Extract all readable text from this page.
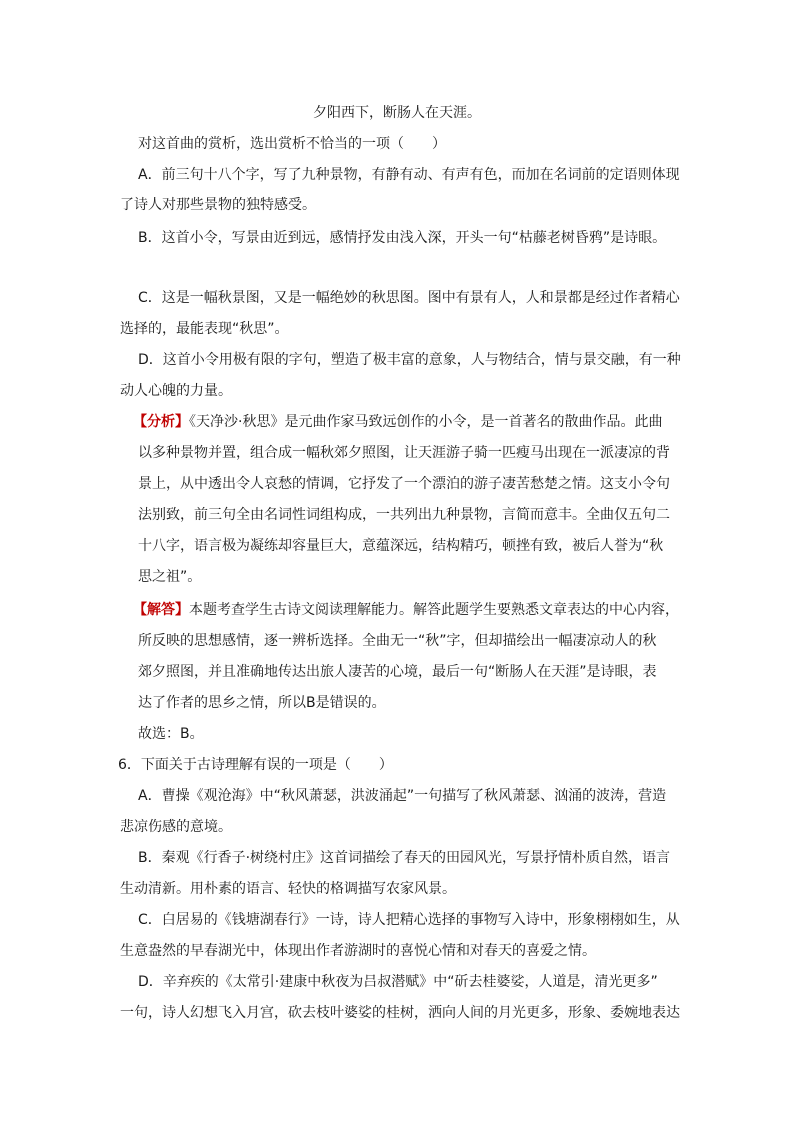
夕阳西下，断肠人在天涯。
对这首曲的赏析，选出赏析不恰当的一项（　　）
A．前三句十八个字，写了九种景物，有静有动、有声有色，而加在名词前的定语则体现
了诗人对那些景物的独特感受。
B．这首小令，写景由近到远，感情抒发由浅入深，开头一句“枯藤老树昏鸦”是诗眼。
C．这是一幅秋景图，又是一幅绝妙的秋思图。图中有景有人，人和景都是经过作者精心
选择的，最能表现“秋思”。
D．这首小令用极有限的字句，塑造了极丰富的意象，人与物结合，情与景交融，有一种
动人心魄的力量。
【分析】《天净沙·秋思》是元曲作家马致远创作的小令，是一首著名的散曲作品。此曲
以多种景物并置，组合成一幅秋郊夕照图，让天涯游子骑一匹瘦马出现在一派凄凉的背
景上，从中透出令人哀愁的情调，它抒发了一个漂泊的游子凄苦愁楚之情。这支小令句
法别致，前三句全由名词性词组构成，一共列出九种景物，言简而意丰。全曲仅五句二
十八字，语言极为凝练却容量巨大，意蕴深远，结构精巧，顿挫有致，被后人誉为“秋
思之祖”。
【解答】本题考查学生古诗文阅读理解能力。解答此题学生要熟悉文章表达的中心内容，
所反映的思想感情，逐一辨析选择。全曲无一“秋”字，但却描绘出一幅凄凉动人的秋
郊夕照图，并且准确地传达出旅人凄苦的心境，最后一句“断肠人在天涯”是诗眼，表
达了作者的思乡之情，所以B是错误的。
故选：B。
6．下面关于古诗理解有误的一项是（　　）
A．曹操《观沧海》中“秋风萧瑟，洪波涌起”一句描写了秋风萧瑟、汹涌的波涛，营造
悲凉伤感的意境。
B．秦观《行香子·树绕村庄》这首词描绘了春天的田园风光，写景抒情朴质自然，语言
生动清新。用朴素的语言、轻快的格调描写农家风景。
C．白居易的《钱塘湖春行》一诗，诗人把精心选择的事物写入诗中，形象栩栩如生，从
生意盎然的早春湖光中，体现出作者游湖时的喜悦心情和对春天的喜爱之情。
D．辛弃疾的《太常引·建康中秋夜为吕叔潜赋》中“斫去桂婆娑，人道是，清光更多”
一句，诗人幻想飞入月宫，砍去枝叶婆娑的桂树，洒向人间的月光更多，形象、委婉地表达
